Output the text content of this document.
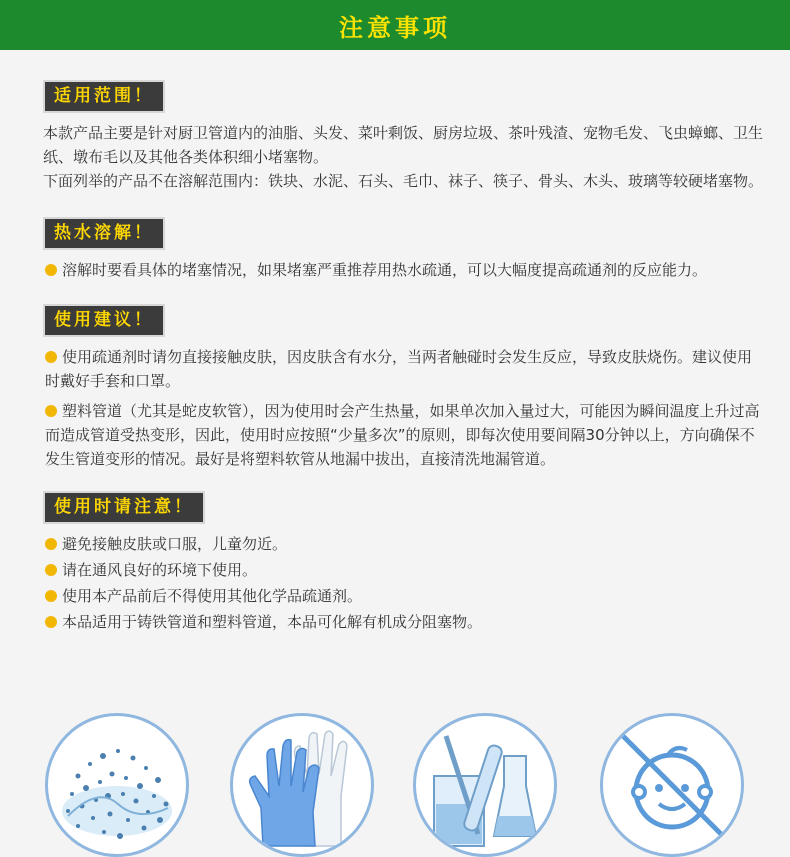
注意事项
适用范围！

本款产品主要是针对厨卫管道内的油脂、头发、菜叶剩饭、厨房垃圾、茶叶残渣、宠物毛发、飞虫蟑螂、卫生纸、墩布毛以及其他各类体积细小堵塞物。

下面列举的产品不在溶解范围内：铁块、水泥、石头、毛巾、袜子、筷子、骨头、木头、玻璃等较硬堵塞物。

热水溶解！

溶解时要看具体的堵塞情况，如果堵塞严重推荐用热水疏通，可以大幅度提高疏通剂的反应能力。

使用建议！

使用疏通剂时请勿直接接触皮肤，因皮肤含有水分，当两者触碰时会发生反应，导致皮肤烧伤。建议使用时戴好手套和口罩。

塑料管道（尤其是蛇皮软管），因为使用时会产生热量，如果单次加入量过大，可能因为瞬间温度上升过高而造成管道受热变形，因此，使用时应按照“少量多次”的原则，即每次使用要间隔30分钟以上，方向确保不发生管道变形的情况。最好是将塑料软管从地漏中拔出，直接清洗地漏管道。

使用时请注意！

避免接触皮肤或口服，儿童勿近。

请在通风良好的环境下使用。

使用本产品前后不得使用其他化学品疏通剂。

本品适用于铸铁管道和塑料管道，本品可化解有机成分阻塞物。
